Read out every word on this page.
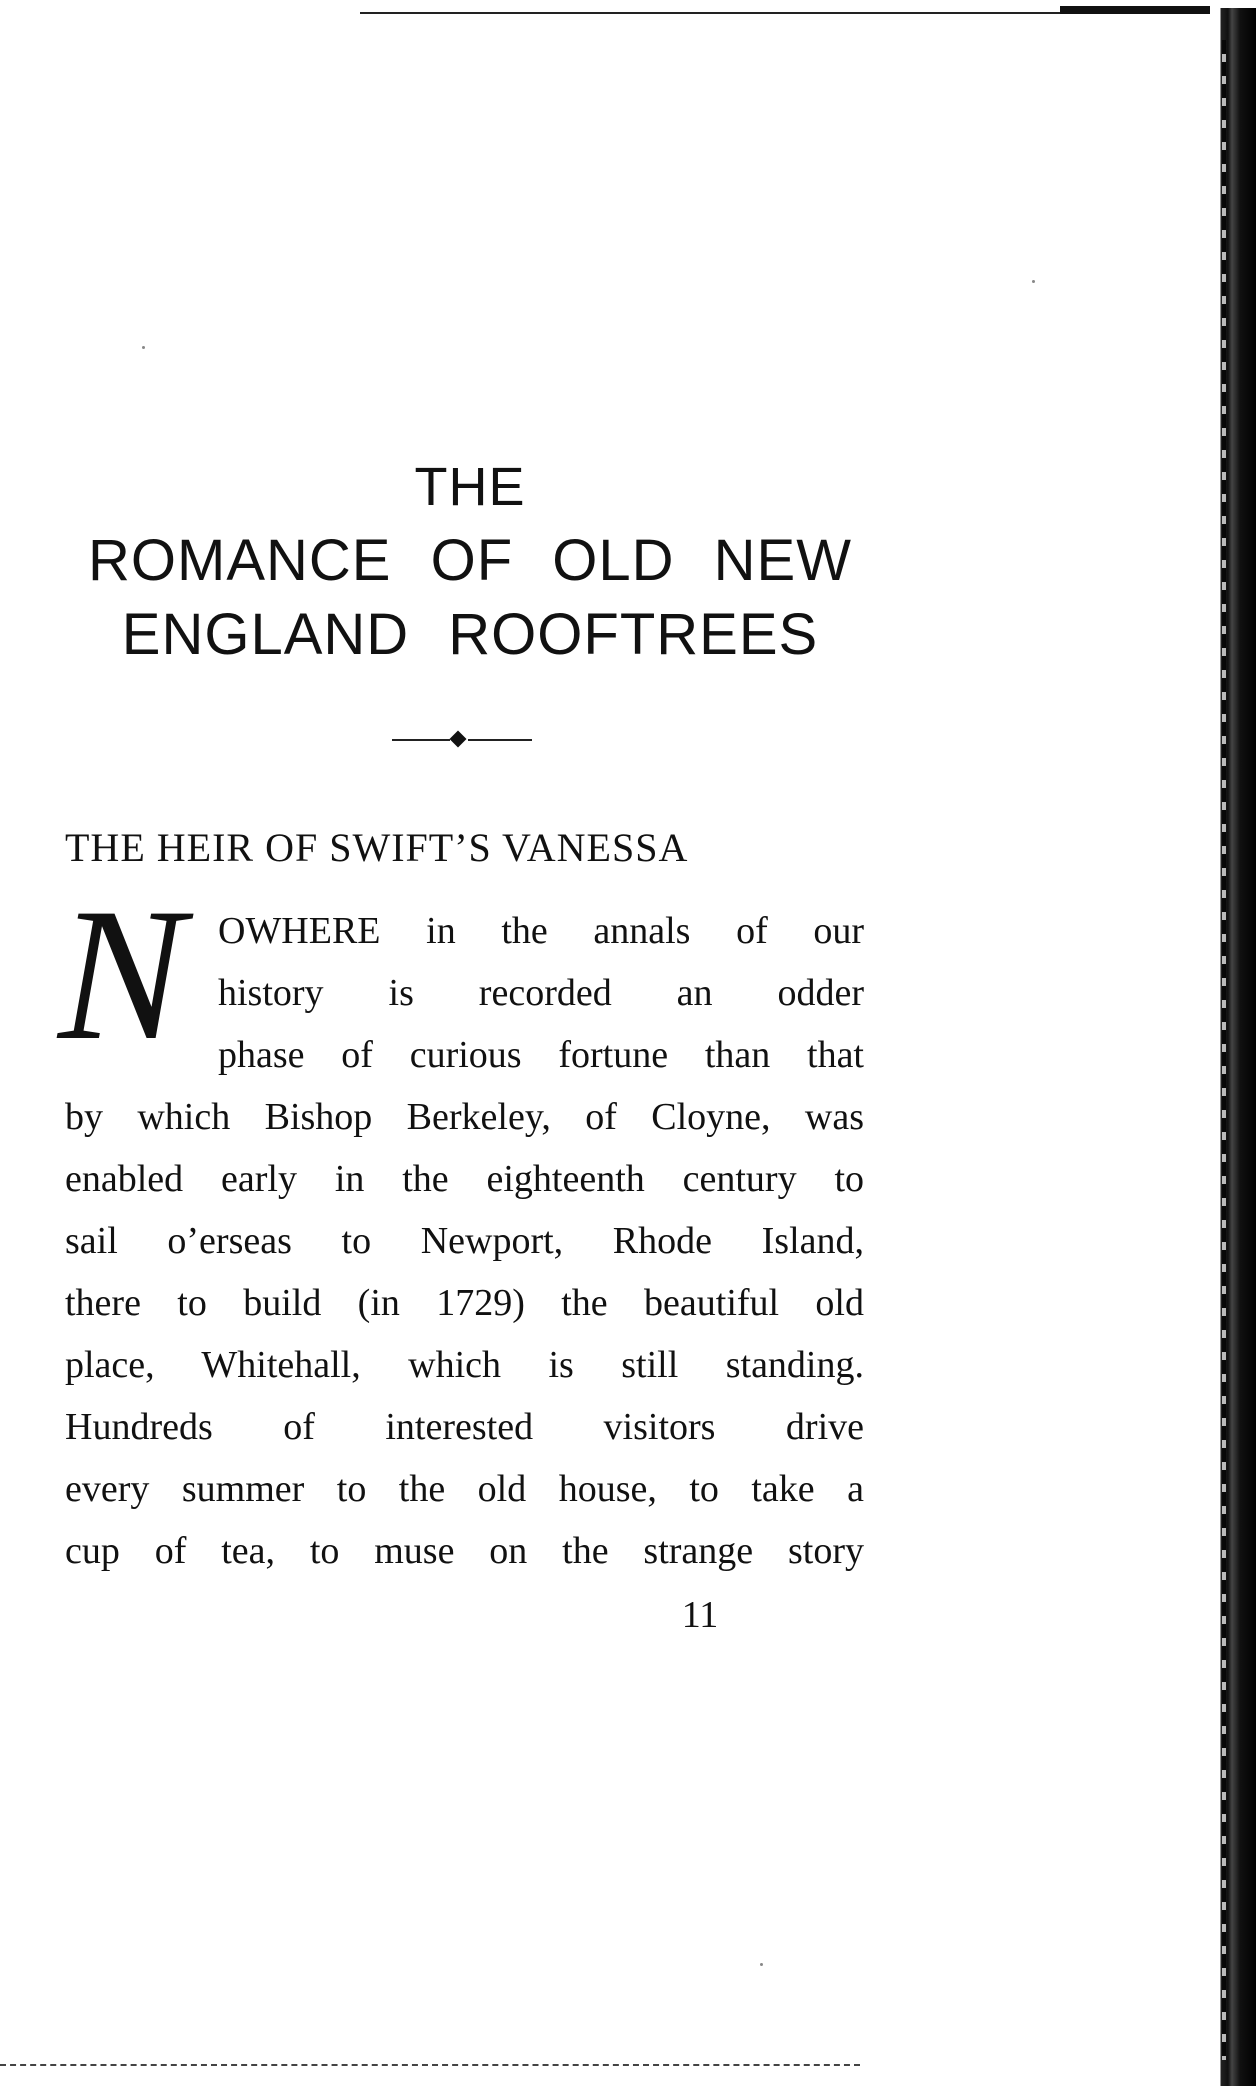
THE
ROMANCE OF OLD NEW
ENGLAND ROOFTREES
THE HEIR OF SWIFT’S VANESSA
N OWHERE in the annals of our
history is recorded an odder
phase of curious fortune than that
by which Bishop Berkeley, of Cloyne, was
enabled early in the eighteenth century to
sail o’erseas to Newport, Rhode Island,
there to build (in 1729) the beautiful old
place, Whitehall, which is still standing.
Hundreds of interested visitors drive
every summer to the old house, to take a
cup of tea, to muse on the strange story
11
